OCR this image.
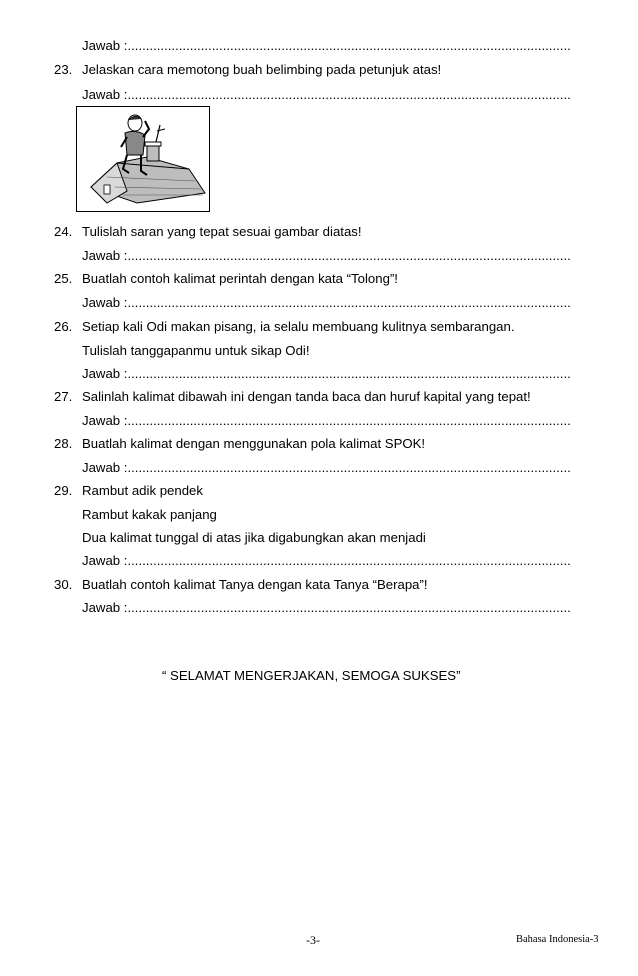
Jawab :.........................................................................................................................
23. Jelaskan cara memotong buah belimbing pada petunjuk atas!
Jawab :.........................................................................................................................
24. Tulislah saran yang tepat sesuai gambar diatas!
Jawab :.........................................................................................................................
25. Buatlah contoh kalimat perintah dengan kata “Tolong”!
Jawab :.........................................................................................................................
26. Setiap kali Odi makan pisang, ia selalu membuang kulitnya sembarangan.
Tulislah tanggapanmu untuk sikap Odi!
Jawab :.........................................................................................................................
27. Salinlah kalimat dibawah ini dengan tanda baca dan huruf kapital yang tepat!
Jawab :.........................................................................................................................
28. Buatlah kalimat dengan menggunakan pola kalimat SPOK!
Jawab :.........................................................................................................................
29. Rambut adik pendek
Rambut kakak panjang
Dua kalimat tunggal di atas jika digabungkan akan menjadi
Jawab :.........................................................................................................................
30. Buatlah contoh kalimat Tanya dengan kata Tanya “Berapa”!
Jawab :.........................................................................................................................
“ SELAMAT MENGERJAKAN, SEMOGA SUKSES”
-3-	Bahasa Indonesia-3
